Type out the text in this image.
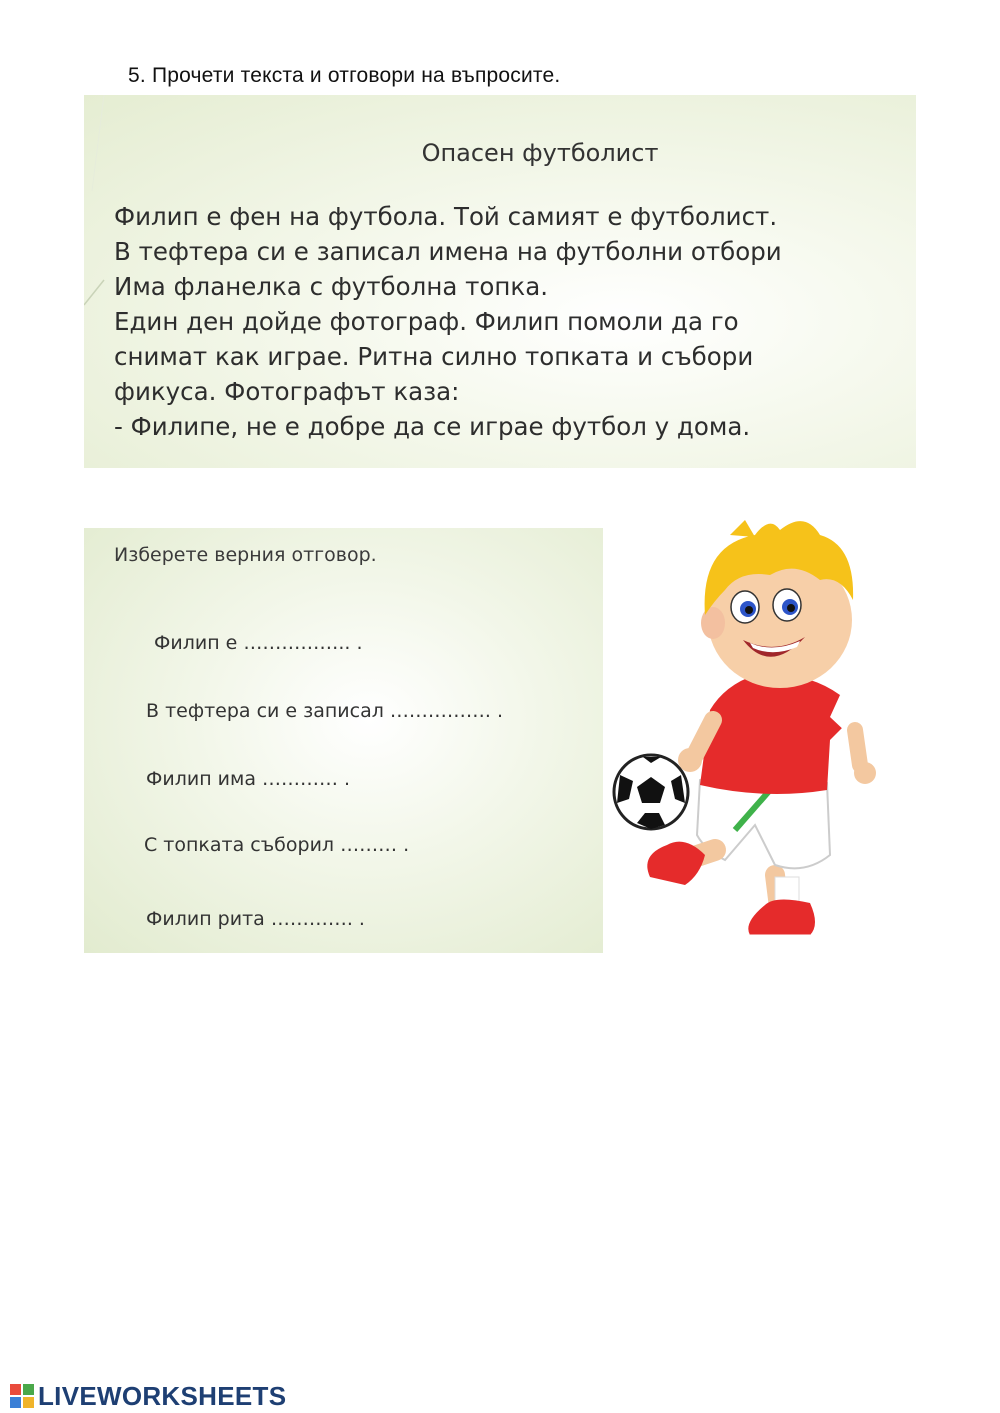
5. Прочети текста и отговори на въпросите.
Опасен футболист
Филип е фен на футбола. Той самият е футболист.
В тефтера си е записал имена на футболни отбори
Има фланелка с футболна топка.
Един ден дойде фотограф. Филип помоли да го
снимат как играе. Ритна силно топката и събори
фикуса. Фотографът каза:
- Филипе, не е добре да се играе футбол у дома.
Изберете верния отговор.
Филип е …………….. .
В тефтера си е записал ……………. .
Филип има ………… .
С топката съборил ……… .
Филип рита …………. .
LIVEWORKSHEETS
